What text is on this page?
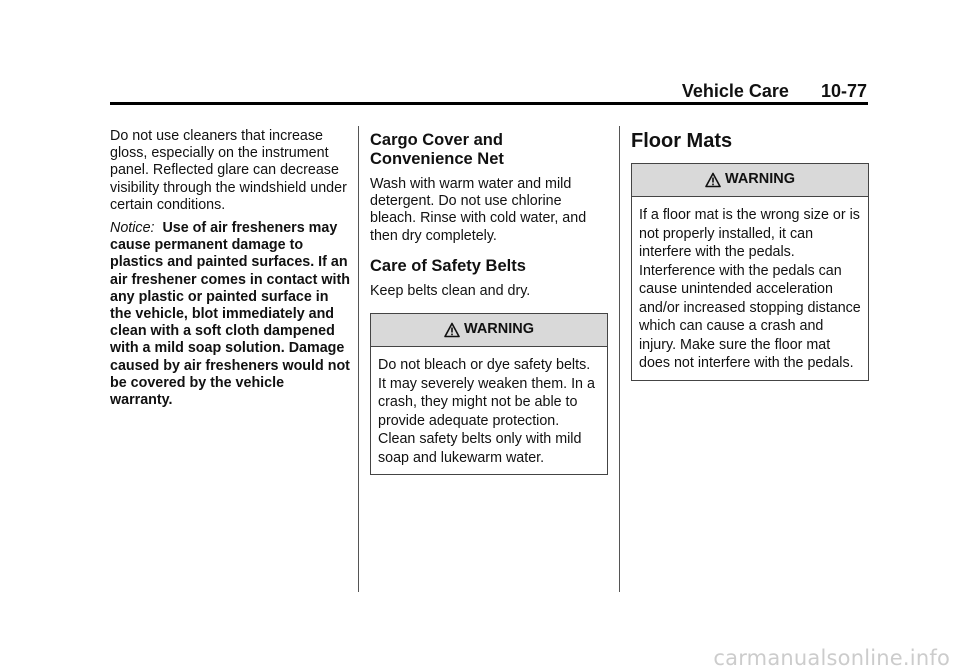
Vehicle Care 10-77

Do not use cleaners that increase gloss, especially on the instrument panel. Reflected glare can decrease visibility through the windshield under certain conditions.

Notice: Use of air fresheners may cause permanent damage to plastics and painted surfaces. If an air freshener comes in contact with any plastic or painted surface in the vehicle, blot immediately and clean with a soft cloth dampened with a mild soap solution. Damage caused by air fresheners would not be covered by the vehicle warranty.

Cargo Cover and Convenience Net

Wash with warm water and mild detergent. Do not use chlorine bleach. Rinse with cold water, and then dry completely.

Care of Safety Belts

Keep belts clean and dry.

WARNING
Do not bleach or dye safety belts. It may severely weaken them. In a crash, they might not be able to provide adequate protection. Clean safety belts only with mild soap and lukewarm water.
Floor Mats
WARNING
If a floor mat is the wrong size or is not properly installed, it can interfere with the pedals. Interference with the pedals can cause unintended acceleration and/or increased stopping distance which can cause a crash and injury. Make sure the floor mat does not interfere with the pedals.
carmanualsonline.info
